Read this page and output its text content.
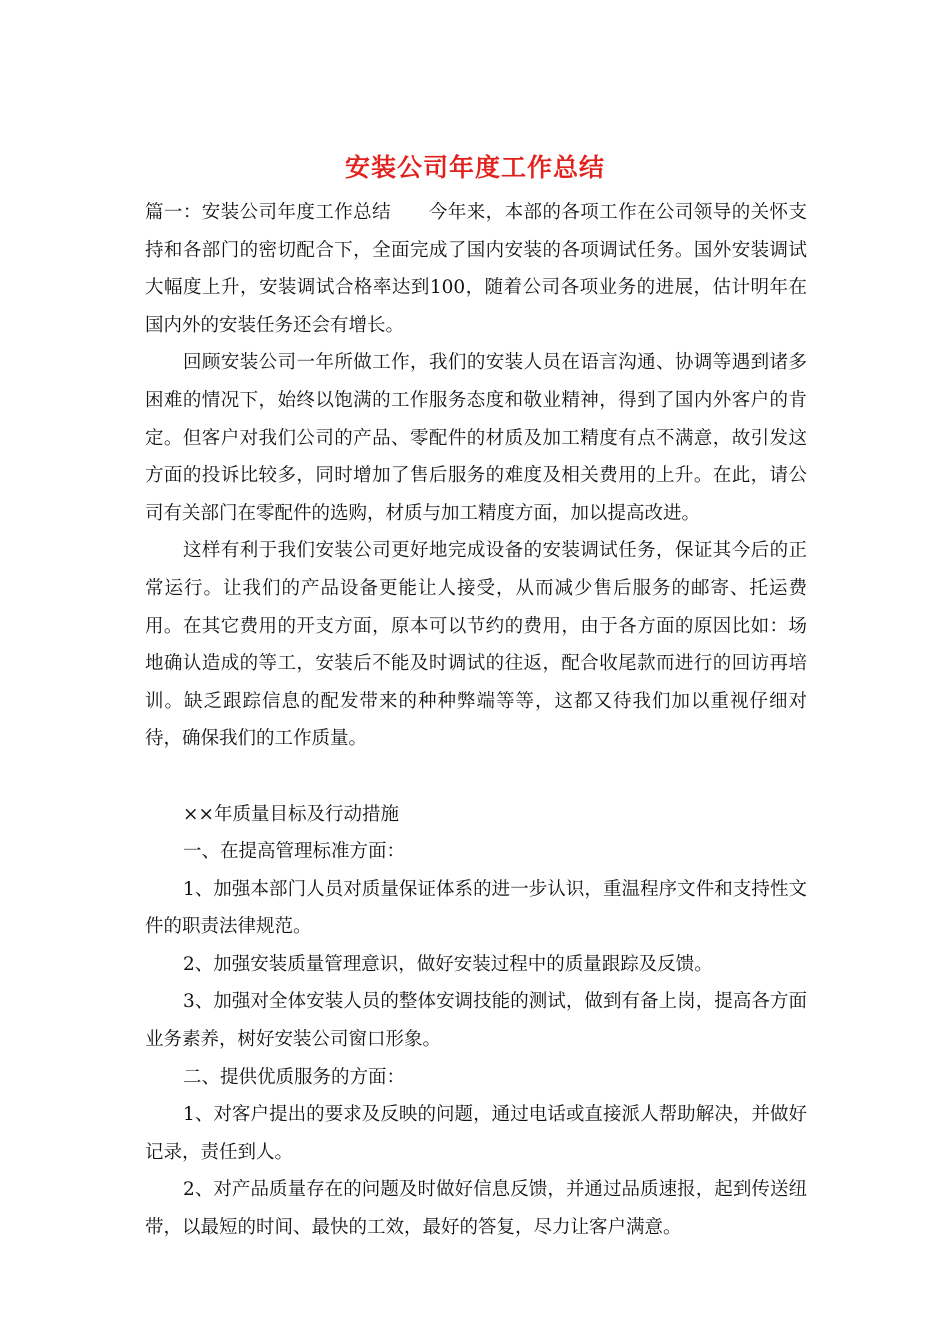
安装公司年度工作总结

篇一：安装公司年度工作总结　　今年来，本部的各项工作在公司领导的关怀支持和各部门的密切配合下，全面完成了国内安装的各项调试任务。国外安装调试大幅度上升，安装调试合格率达到100，随着公司各项业务的进展，估计明年在国内外的安装任务还会有增长。

回顾安装公司一年所做工作，我们的安装人员在语言沟通、协调等遇到诸多困难的情况下，始终以饱满的工作服务态度和敬业精神，得到了国内外客户的肯定。但客户对我们公司的产品、零配件的材质及加工精度有点不满意，故引发这方面的投诉比较多，同时增加了售后服务的难度及相关费用的上升。在此，请公司有关部门在零配件的选购，材质与加工精度方面，加以提高改进。

这样有利于我们安装公司更好地完成设备的安装调试任务，保证其今后的正常运行。让我们的产品设备更能让人接受，从而减少售后服务的邮寄、托运费用。在其它费用的开支方面，原本可以节约的费用，由于各方面的原因比如：场地确认造成的等工，安装后不能及时调试的往返，配合收尾款而进行的回访再培训。缺乏跟踪信息的配发带来的种种弊端等等，这都又待我们加以重视仔细对待，确保我们的工作质量。

××年质量目标及行动措施

一、在提高管理标准方面：

1、加强本部门人员对质量保证体系的进一步认识，重温程序文件和支持性文件的职责法律规范。

2、加强安装质量管理意识，做好安装过程中的质量跟踪及反馈。

3、加强对全体安装人员的整体安调技能的测试，做到有备上岗，提高各方面业务素养，树好安装公司窗口形象。

二、提供优质服务的方面：

1、对客户提出的要求及反映的问题，通过电话或直接派人帮助解决，并做好记录，责任到人。

2、对产品质量存在的问题及时做好信息反馈，并通过品质速报，起到传送纽带，以最短的时间、最快的工效，最好的答复，尽力让客户满意。
